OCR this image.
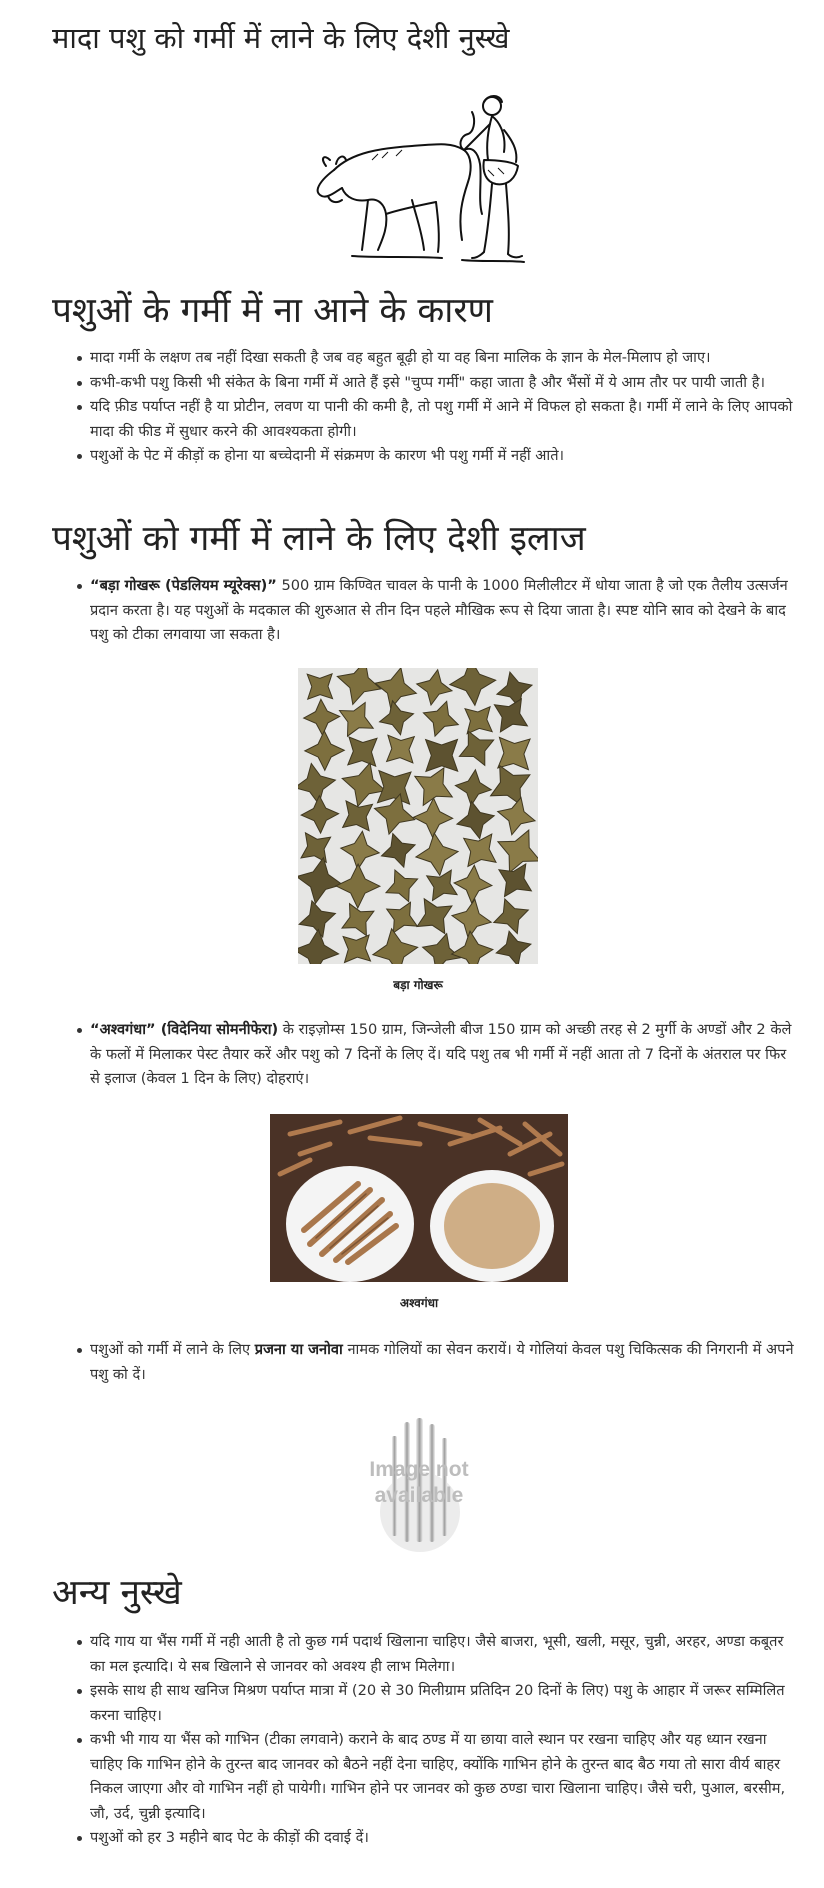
मादा पशु को गर्मी में लाने के लिए देशी नुस्खे
पशुओं के गर्मी में ना आने के कारण
मादा गर्मी के लक्षण तब नहीं दिखा सकती है जब वह बहुत बूढ़ी हो या वह बिना मालिक के ज्ञान के मेल-मिलाप हो जाए।
कभी-कभी पशु किसी भी संकेत के बिना गर्मी में आते हैं इसे "चुप्प गर्मी" कहा जाता है और भैंसों में ये आम तौर पर पायी जाती है।
यदि फ़ीड पर्याप्त नहीं है या प्रोटीन, लवण या पानी की कमी है, तो पशु गर्मी में आने में विफल हो सकता है। गर्मी में लाने के लिए आपको मादा की फीड में सुधार करने की आवश्यकता होगी।
पशुओं के पेट में कीड़ों क होना या बच्चेदानी में संक्रमण के कारण भी पशु गर्मी में नहीं आते।
पशुओं को गर्मी में लाने के लिए देशी इलाज
“बड़ा गोखरू (पेडलियम म्यूरेक्स)” 500 ग्राम किण्वित चावल के पानी के 1000 मिलीलीटर में धोया जाता है जो एक तैलीय उत्सर्जन प्रदान करता है। यह पशुओं के मदकाल की शुरुआत से तीन दिन पहले मौखिक रूप से दिया जाता है। स्पष्ट योनि स्राव को देखने के बाद पशु को टीका लगवाया जा सकता है।
बड़ा गोखरू
“अश्वगंधा” (विदेनिया सोमनीफेरा) के राइज़ोम्स 150 ग्राम, जिन्जेली बीज 150 ग्राम को अच्छी तरह से 2 मुर्गी के अण्डों और 2 केले के फलों में मिलाकर पेस्ट तैयार करें और पशु को 7 दिनों के लिए दें। यदि पशु तब भी गर्मी में नहीं आता तो 7 दिनों के अंतराल पर फिर से इलाज (केवल 1 दिन के लिए) दोहराएं।
अश्वगंधा
पशुओं को गर्मी में लाने के लिए प्रजना या जनोवा नामक गोलियों का सेवन करायें। ये गोलियां केवल पशु चिकित्सक की निगरानी में अपने पशु को दें।
Image not
available
अन्य नुस्खे
यदि गाय या भैंस गर्मी में नही आती है तो कुछ गर्म पदार्थ खिलाना चाहिए। जैसे बाजरा, भूसी, खली, मसूर, चुन्नी, अरहर, अण्डा कबूतर का मल इत्यादि। ये सब खिलाने से जानवर को अवश्य ही लाभ मिलेगा।
इसके साथ ही साथ खनिज मिश्रण पर्याप्त मात्रा में (20 से 30 मिलीग्राम प्रतिदिन 20 दिनों के लिए) पशु के आहार में जरूर सम्मिलित करना चाहिए।
कभी भी गाय या भैंस को गाभिन (टीका लगवाने) कराने के बाद ठण्ड में या छाया वाले स्थान पर रखना चाहिए और यह ध्यान रखना चाहिए कि गाभिन होने के तुरन्त बाद जानवर को बैठने नहीं देना चाहिए, क्योंकि गाभिन होने के तुरन्त बाद बैठ गया तो सारा वीर्य बाहर निकल जाएगा और वो गाभिन नहीं हो पायेगी। गाभिन होने पर जानवर को कुछ ठण्डा चारा खिलाना चाहिए। जैसे चरी, पुआल, बरसीम, जौ, उर्द, चुन्नी इत्यादि।
पशुओं को हर 3 महीने बाद पेट के कीड़ों की दवाई दें।
